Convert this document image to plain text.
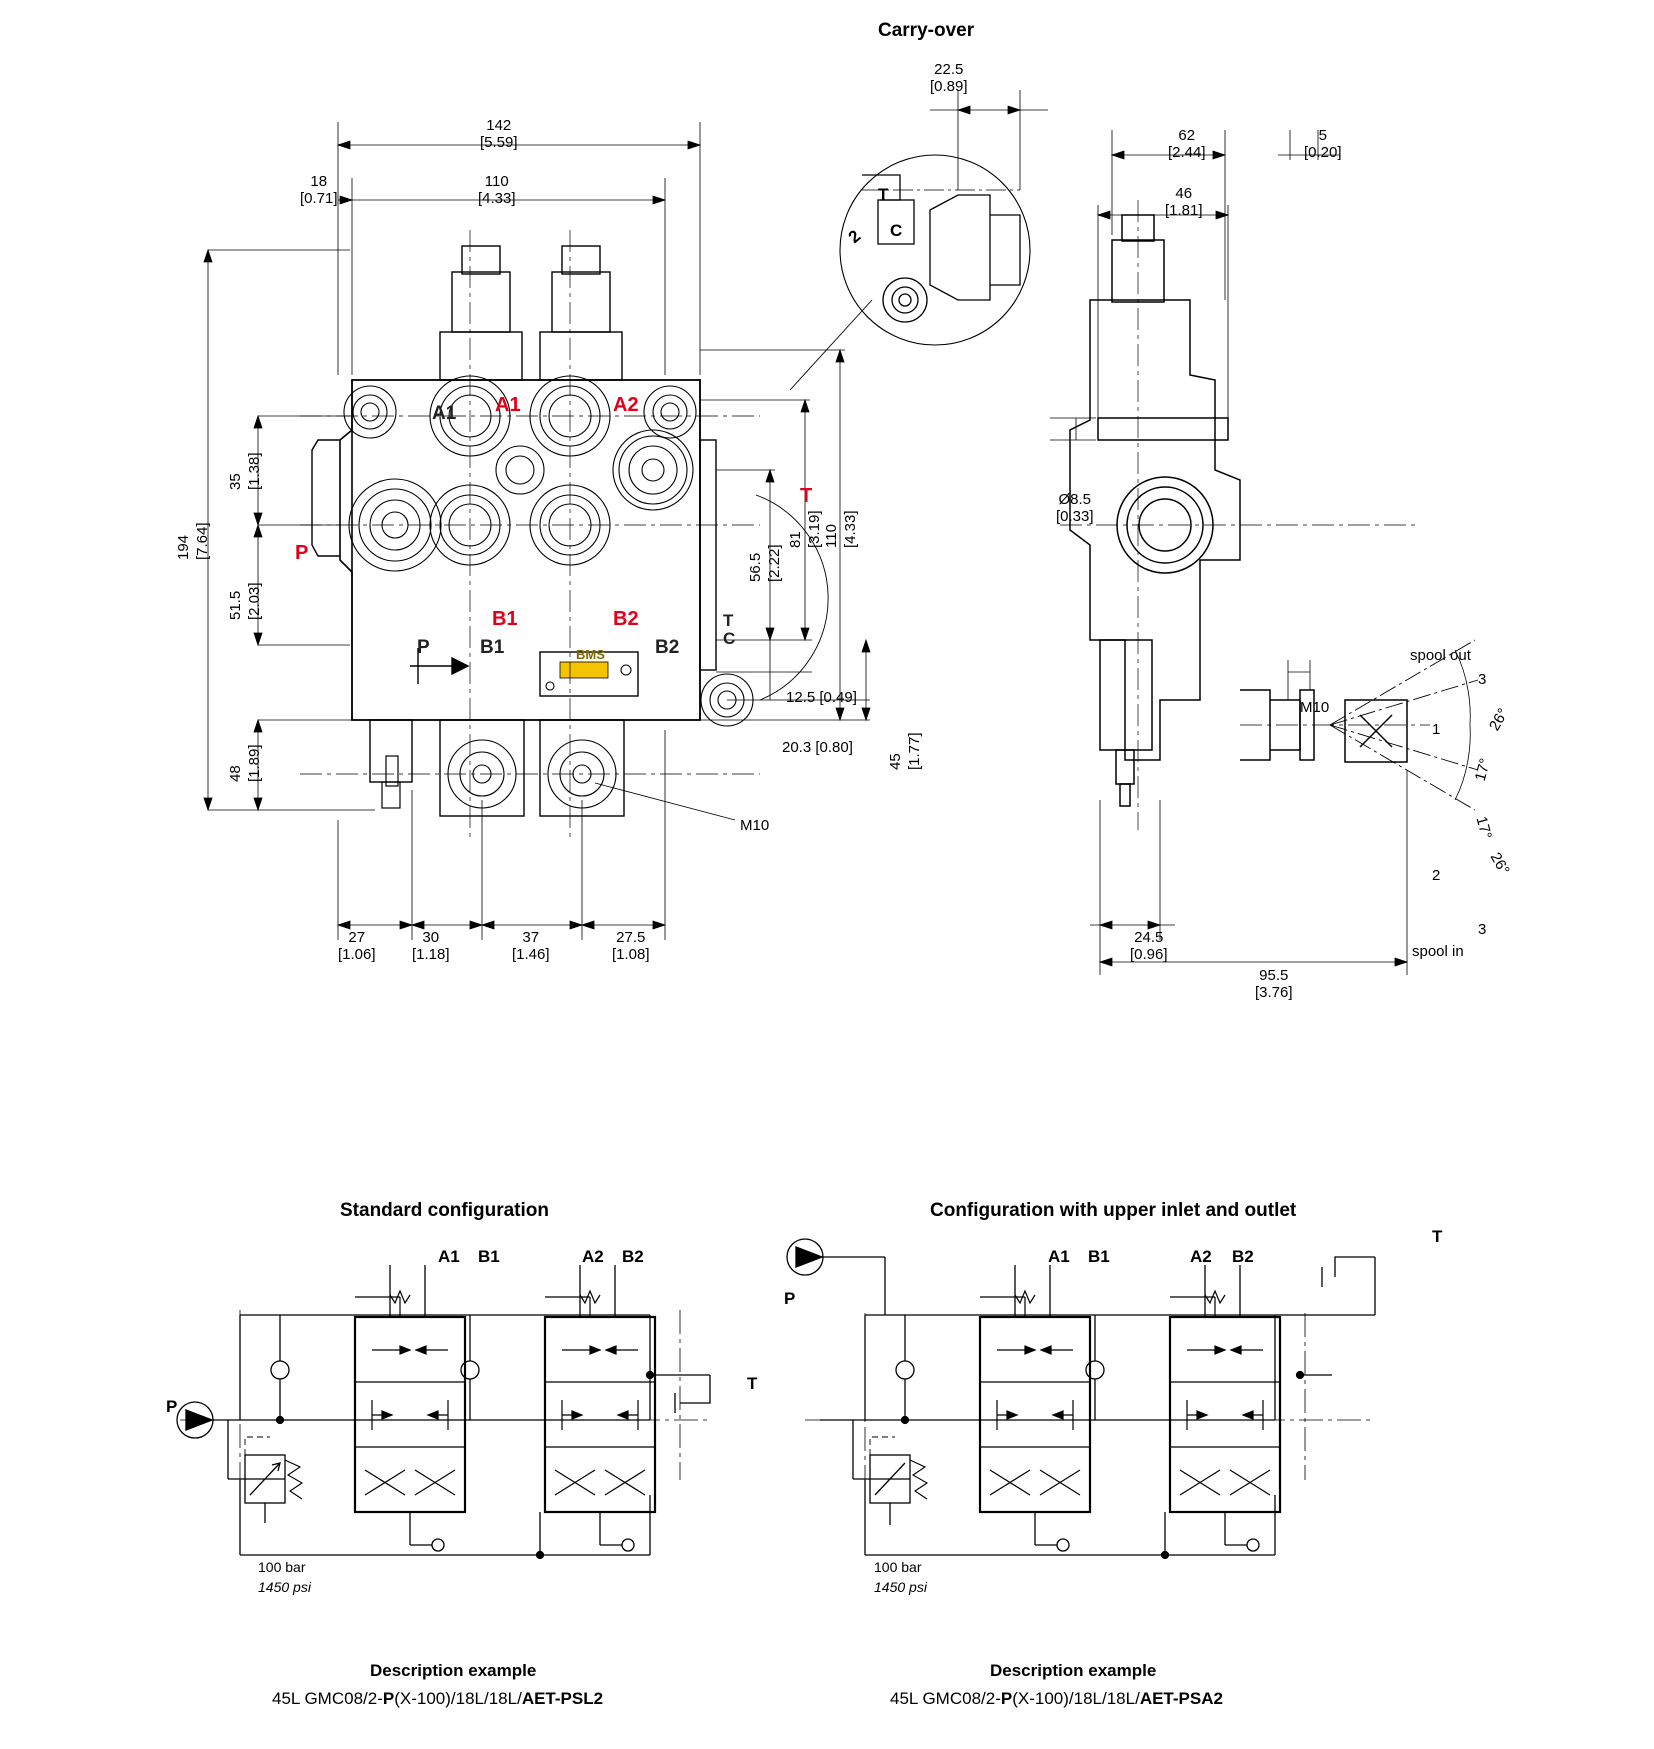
Carry-over
142
[5.59]
18
[0.71]
110
[4.33]
194 [7.64]
35 [1.38]
51.5 [2.03]
48 [1.89]
56.5 [2.22]
81 [3.19] 110 [4.33]
12.5 [0.49]
20.3 [0.80]
45 [1.77]
27
[1.06]
30
[1.18]
37
[1.46]
27.5
[1.08]
A1	A2
B1	B2
P
T
A1
B1	B2
P
T
C
BMS
M10
22.5
[0.89]
T
2 C
62
[2.44]
46
[1.81]
5
[0.20]
Ø8.5
[0.33]
24.5
[0.96]
95.5
[3.76]
M10
spool out
3
1
2
3
spool in
26°
17°
17°
26°
Standard configuration
A1 B1	A2 B2
P
T
100 bar
1450 psi
Description example
45L GMC08/2-P(X-100)/18L/18L/AET-PSL2
Configuration with upper inlet and outlet
A1 B1	A2 B2
P
T
100 bar
1450 psi
Description example
45L GMC08/2-P(X-100)/18L/18L/AET-PSA2
